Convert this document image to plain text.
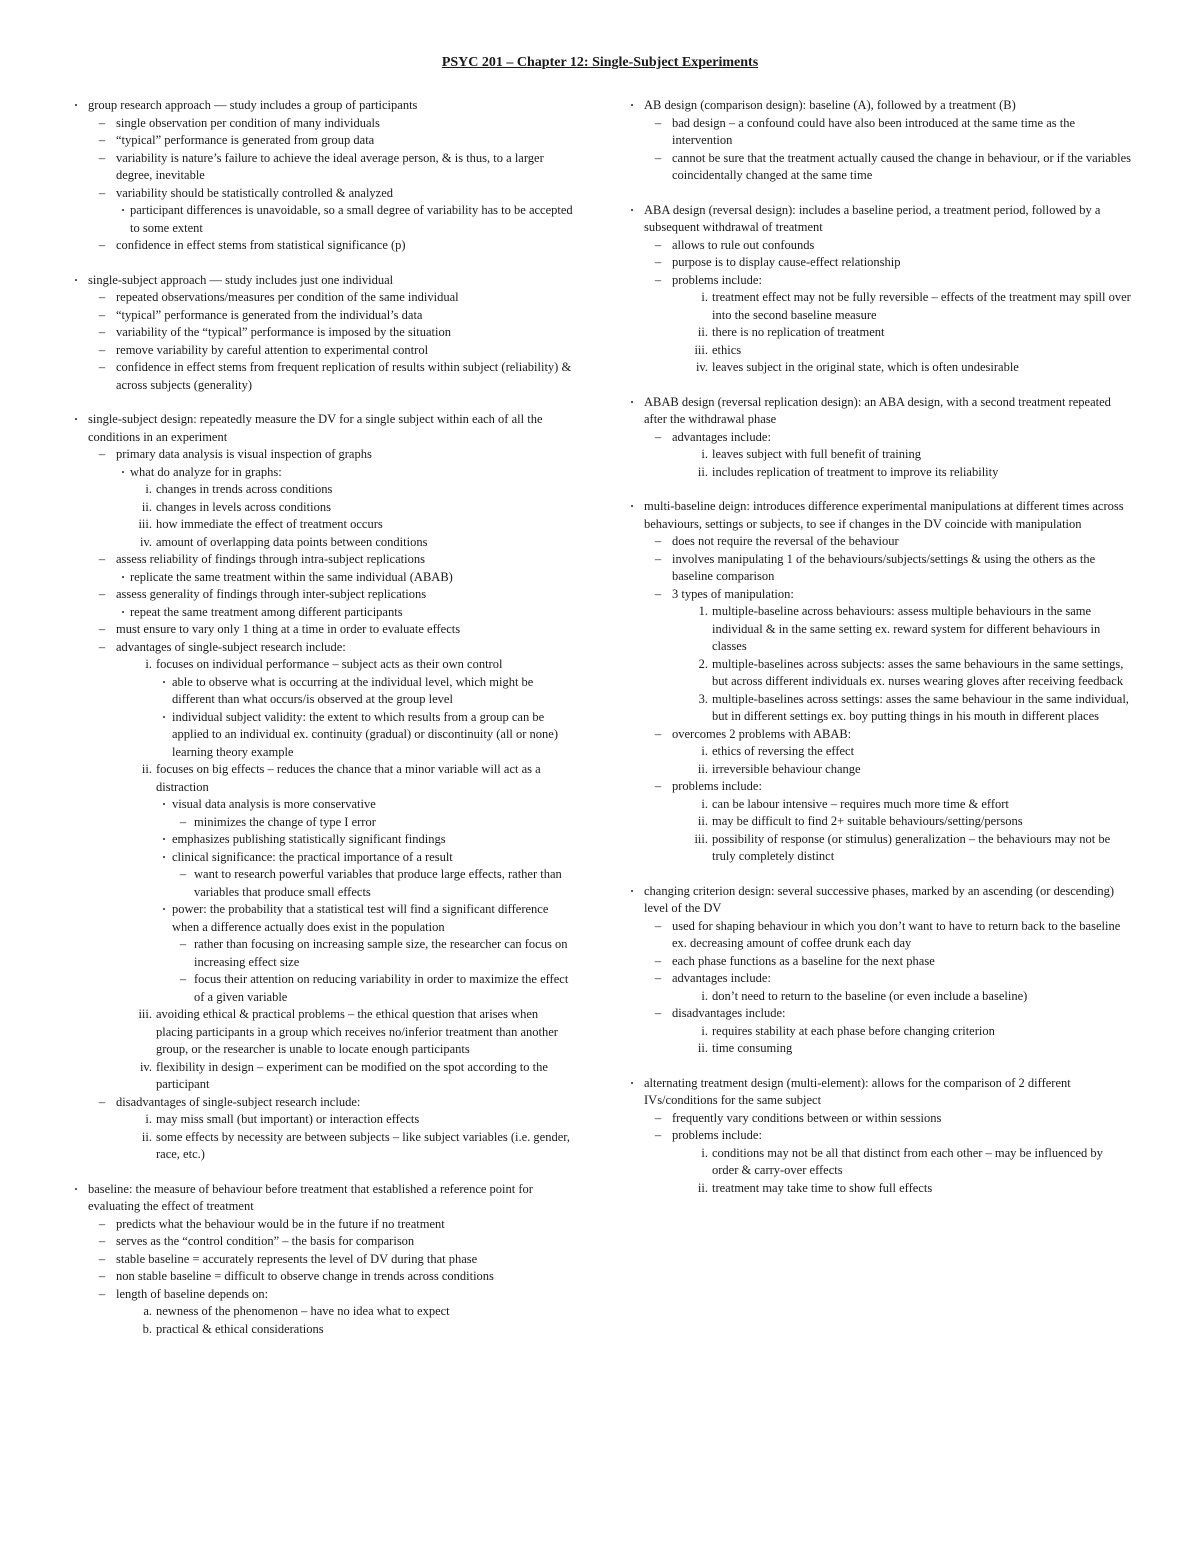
PSYC 201 – Chapter 12: Single-Subject Experiments
• group research approach — study includes a group of participants
– single observation per condition of many individuals
– “typical” performance is generated from group data
– variability is nature’s failure to achieve the ideal average person, & is thus, to a larger degree, inevitable
– variability should be statistically controlled & analyzed
• participant differences is unavoidable, so a small degree of variability has to be accepted to some extent
– confidence in effect stems from statistical significance (p)
• single-subject approach — study includes just one individual
– repeated observations/measures per condition of the same individual
– “typical” performance is generated from the individual’s data
– variability of the “typical” performance is imposed by the situation
– remove variability by careful attention to experimental control
– confidence in effect stems from frequent replication of results within subject (reliability) & across subjects (generality)
• single-subject design: repeatedly measure the DV for a single subject within each of all the conditions in an experiment
– primary data analysis is visual inspection of graphs
• what do analyze for in graphs:
i. changes in trends across conditions
ii. changes in levels across conditions
iii. how immediate the effect of treatment occurs
iv. amount of overlapping data points between conditions
– assess reliability of findings through intra-subject replications
• replicate the same treatment within the same individual (ABAB)
– assess generality of findings through inter-subject replications
• repeat the same treatment among different participants
– must ensure to vary only 1 thing at a time in order to evaluate effects
– advantages of single-subject research include:
i. focuses on individual performance – subject acts as their own control
• able to observe what is occurring at the individual level, which might be different than what occurs/is observed at the group level
• individual subject validity: the extent to which results from a group can be applied to an individual ex. continuity (gradual) or discontinuity (all or none) learning theory example
ii. focuses on big effects – reduces the chance that a minor variable will act as a distraction
• visual data analysis is more conservative
– minimizes the change of type I error
• emphasizes publishing statistically significant findings
• clinical significance: the practical importance of a result
– want to research powerful variables that produce large effects, rather than variables that produce small effects
• power: the probability that a statistical test will find a significant difference when a difference actually does exist in the population
– rather than focusing on increasing sample size, the researcher can focus on increasing effect size
– focus their attention on reducing variability in order to maximize the effect of a given variable
iii. avoiding ethical & practical problems – the ethical question that arises when placing participants in a group which receives no/inferior treatment than another group, or the researcher is unable to locate enough participants
iv. flexibility in design – experiment can be modified on the spot according to the participant
– disadvantages of single-subject research include:
i. may miss small (but important) or interaction effects
ii. some effects by necessity are between subjects – like subject variables (i.e. gender, race, etc.)
• baseline: the measure of behaviour before treatment that established a reference point for evaluating the effect of treatment
– predicts what the behaviour would be in the future if no treatment
– serves as the “control condition” – the basis for comparison
– stable baseline = accurately represents the level of DV during that phase
– non stable baseline = difficult to observe change in trends across conditions
– length of baseline depends on:
a. newness of the phenomenon – have no idea what to expect
b. practical & ethical considerations
• AB design (comparison design): baseline (A), followed by a treatment (B)
– bad design – a confound could have also been introduced at the same time as the intervention
– cannot be sure that the treatment actually caused the change in behaviour, or if the variables coincidentally changed at the same time
• ABA design (reversal design): includes a baseline period, a treatment period, followed by a subsequent withdrawal of treatment
– allows to rule out confounds
– purpose is to display cause-effect relationship
– problems include:
i. treatment effect may not be fully reversible – effects of the treatment may spill over into the second baseline measure
ii. there is no replication of treatment
iii. ethics
iv. leaves subject in the original state, which is often undesirable
• ABAB design (reversal replication design): an ABA design, with a second treatment repeated after the withdrawal phase
– advantages include:
i. leaves subject with full benefit of training
ii. includes replication of treatment to improve its reliability
• multi-baseline deign: introduces difference experimental manipulations at different times across behaviours, settings or subjects, to see if changes in the DV coincide with manipulation
– does not require the reversal of the behaviour
– involves manipulating 1 of the behaviours/subjects/settings & using the others as the baseline comparison
– 3 types of manipulation:
1. multiple-baseline across behaviours: assess multiple behaviours in the same individual & in the same setting ex. reward system for different behaviours in classes
2. multiple-baselines across subjects: asses the same behaviours in the same settings, but across different individuals ex. nurses wearing gloves after receiving feedback
3. multiple-baselines across settings: asses the same behaviour in the same individual, but in different settings ex. boy putting things in his mouth in different places
– overcomes 2 problems with ABAB:
i. ethics of reversing the effect
ii. irreversible behaviour change
– problems include:
i. can be labour intensive – requires much more time & effort
ii. may be difficult to find 2+ suitable behaviours/setting/persons
iii. possibility of response (or stimulus) generalization – the behaviours may not be truly completely distinct
• changing criterion design: several successive phases, marked by an ascending (or descending) level of the DV
– used for shaping behaviour in which you don’t want to have to return back to the baseline ex. decreasing amount of coffee drunk each day
– each phase functions as a baseline for the next phase
– advantages include:
i. don’t need to return to the baseline (or even include a baseline)
– disadvantages include:
i. requires stability at each phase before changing criterion
ii. time consuming
• alternating treatment design (multi-element): allows for the comparison of 2 different IVs/conditions for the same subject
– frequently vary conditions between or within sessions
– problems include:
i. conditions may not be all that distinct from each other – may be influenced by order & carry-over effects
ii. treatment may take time to show full effects
